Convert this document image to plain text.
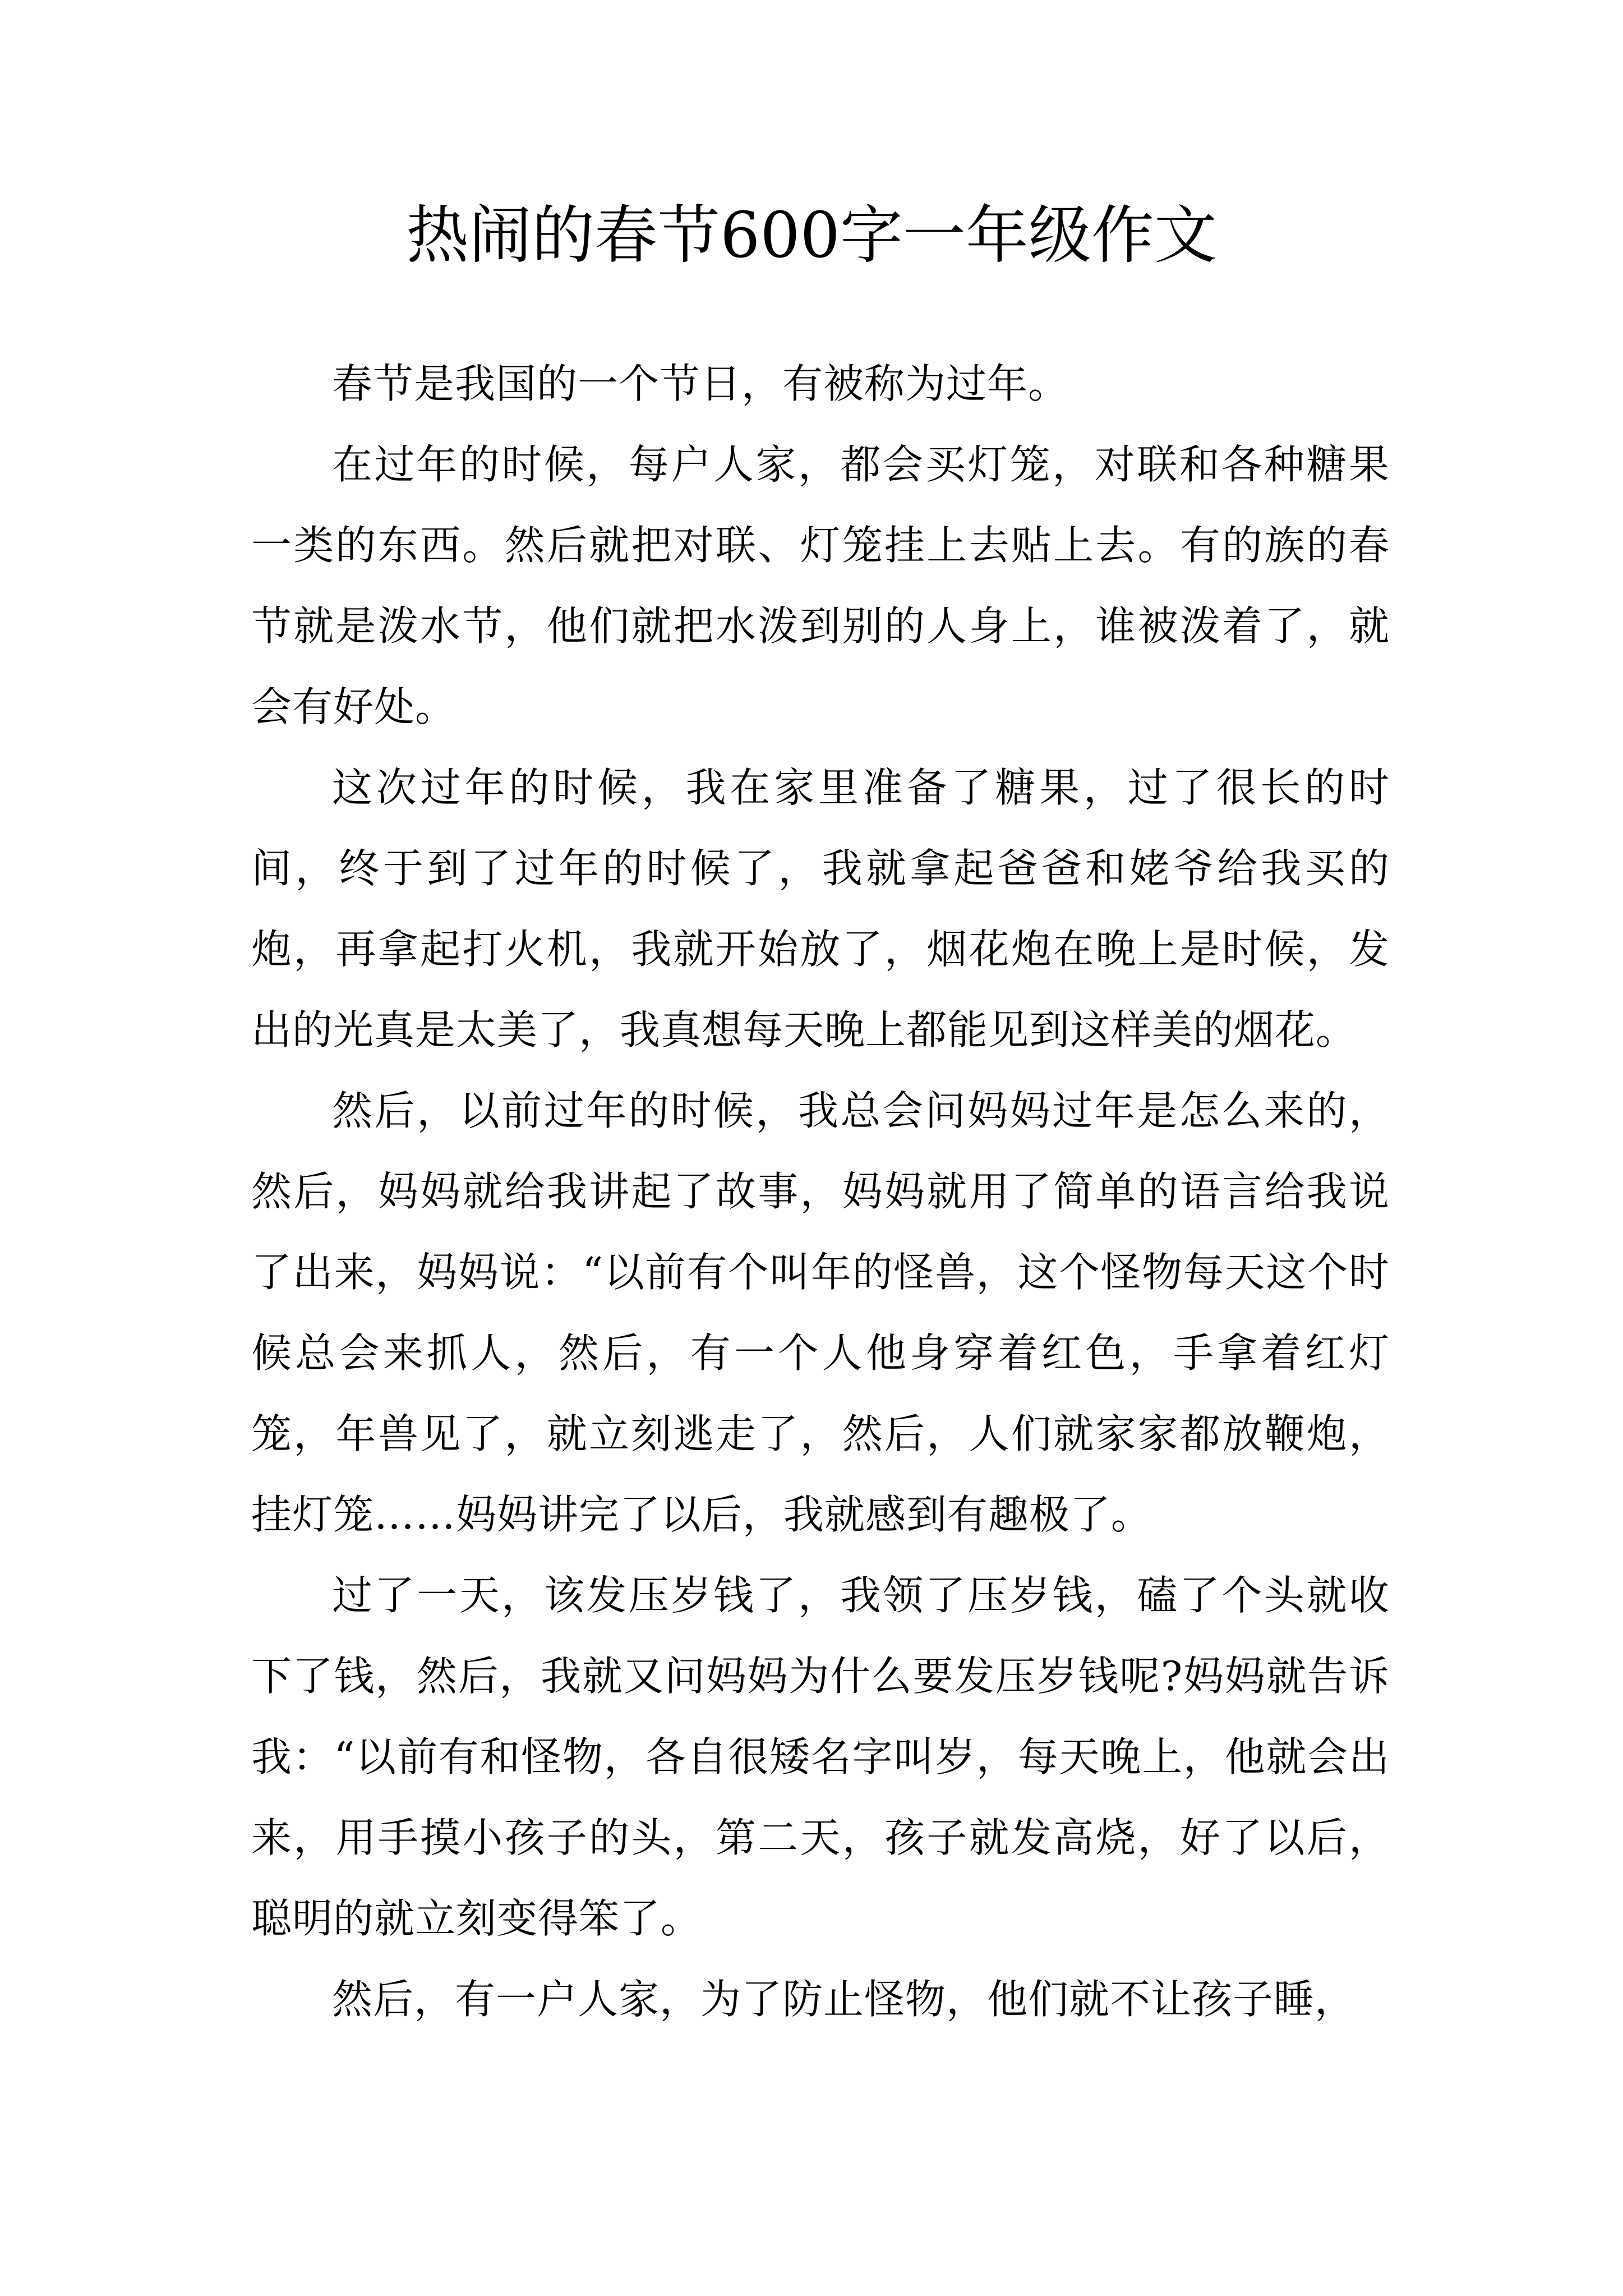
热闹的春节600字一年级作文

春节是我国的一个节日，有被称为过年。

在过年的时候，每户人家，都会买灯笼，对联和各种糖果一类的东西。然后就把对联、灯笼挂上去贴上去。有的族的春节就是泼水节，他们就把水泼到别的人身上，谁被泼着了，就会有好处。

这次过年的时候，我在家里准备了糖果，过了很长的时间，终于到了过年的时候了，我就拿起爸爸和姥爷给我买的炮，再拿起打火机，我就开始放了，烟花炮在晚上是时候，发出的光真是太美了，我真想每天晚上都能见到这样美的烟花。

然后，以前过年的时候，我总会问妈妈过年是怎么来的，然后，妈妈就给我讲起了故事，妈妈就用了简单的语言给我说了出来，妈妈说：“以前有个叫年的怪兽，这个怪物每天这个时候总会来抓人，然后，有一个人他身穿着红色，手拿着红灯笼，年兽见了，就立刻逃走了，然后，人们就家家都放鞭炮，挂灯笼……妈妈讲完了以后，我就感到有趣极了。

过了一天，该发压岁钱了，我领了压岁钱，磕了个头就收下了钱，然后，我就又问妈妈为什么要发压岁钱呢?妈妈就告诉我：“以前有和怪物，各自很矮名字叫岁，每天晚上，他就会出来，用手摸小孩子的头，第二天，孩子就发高烧，好了以后，聪明的就立刻变得笨了。

然后，有一户人家，为了防止怪物，他们就不让孩子睡，
